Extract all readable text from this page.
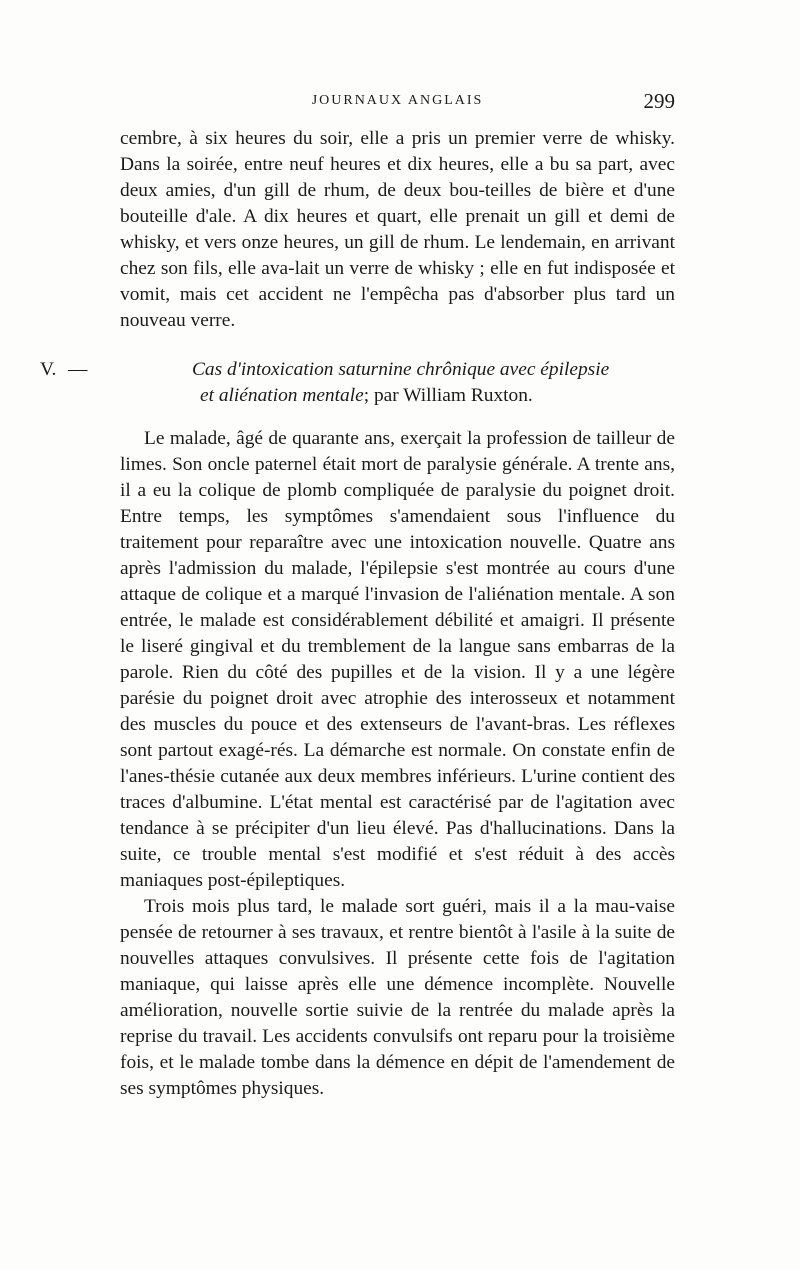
JOURNAUX ANGLAIS	299

cembre, à six heures du soir, elle a pris un premier verre de whisky. Dans la soirée, entre neuf heures et dix heures, elle a bu sa part, avec deux amies, d'un gill de rhum, de deux bou-teilles de bière et d'une bouteille d'ale. A dix heures et quart, elle prenait un gill et demi de whisky, et vers onze heures, un gill de rhum. Le lendemain, en arrivant chez son fils, elle ava-lait un verre de whisky ; elle en fut indisposée et vomit, mais cet accident ne l'empêcha pas d'absorber plus tard un nouveau verre.

V. —	Cas d'intoxication saturnine chrônique avec épilepsie
et aliénation mentale; par William Ruxton.

Le malade, âgé de quarante ans, exerçait la profession de tailleur de limes. Son oncle paternel était mort de paralysie générale. A trente ans, il a eu la colique de plomb compliquée de paralysie du poignet droit. Entre temps, les symptômes s'amendaient sous l'influence du traitement pour reparaître avec une intoxication nouvelle. Quatre ans après l'admission du malade, l'épilepsie s'est montrée au cours d'une attaque de colique et a marqué l'invasion de l'aliénation mentale. A son entrée, le malade est considérablement débilité et amaigri. Il présente le liseré gingival et du tremblement de la langue sans embarras de la parole. Rien du côté des pupilles et de la vision. Il y a une légère parésie du poignet droit avec atrophie des interosseux et notamment des muscles du pouce et des extenseurs de l'avant-bras. Les réflexes sont partout exagé-rés. La démarche est normale. On constate enfin de l'anes-thésie cutanée aux deux membres inférieurs. L'urine contient des traces d'albumine. L'état mental est caractérisé par de l'agitation avec tendance à se précipiter d'un lieu élevé. Pas d'hallucinations. Dans la suite, ce trouble mental s'est modifié et s'est réduit à des accès maniaques post-épileptiques.

Trois mois plus tard, le malade sort guéri, mais il a la mau-vaise pensée de retourner à ses travaux, et rentre bientôt à l'asile à la suite de nouvelles attaques convulsives. Il présente cette fois de l'agitation maniaque, qui laisse après elle une démence incomplète. Nouvelle amélioration, nouvelle sortie suivie de la rentrée du malade après la reprise du travail. Les accidents convulsifs ont reparu pour la troisième fois, et le malade tombe dans la démence en dépit de l'amendement de ses symptômes physiques.
